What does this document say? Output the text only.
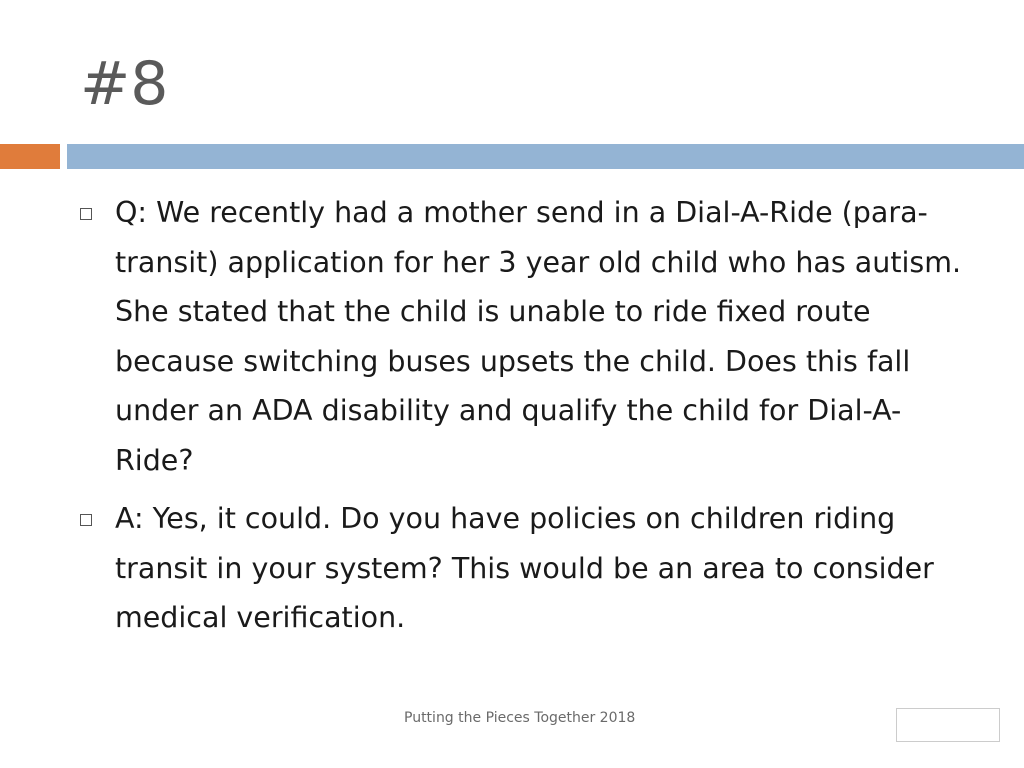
#8
Q: We recently had a mother send in a Dial-A-Ride (para-transit) application for her 3 year old child who has autism. She stated that the child is unable to ride fixed route because switching buses upsets the child. Does this fall under an ADA disability and qualify the child for Dial-A-Ride?
A: Yes, it could. Do you have policies on children riding transit in your system? This would be an area to consider medical verification.
Putting the Pieces Together 2018
